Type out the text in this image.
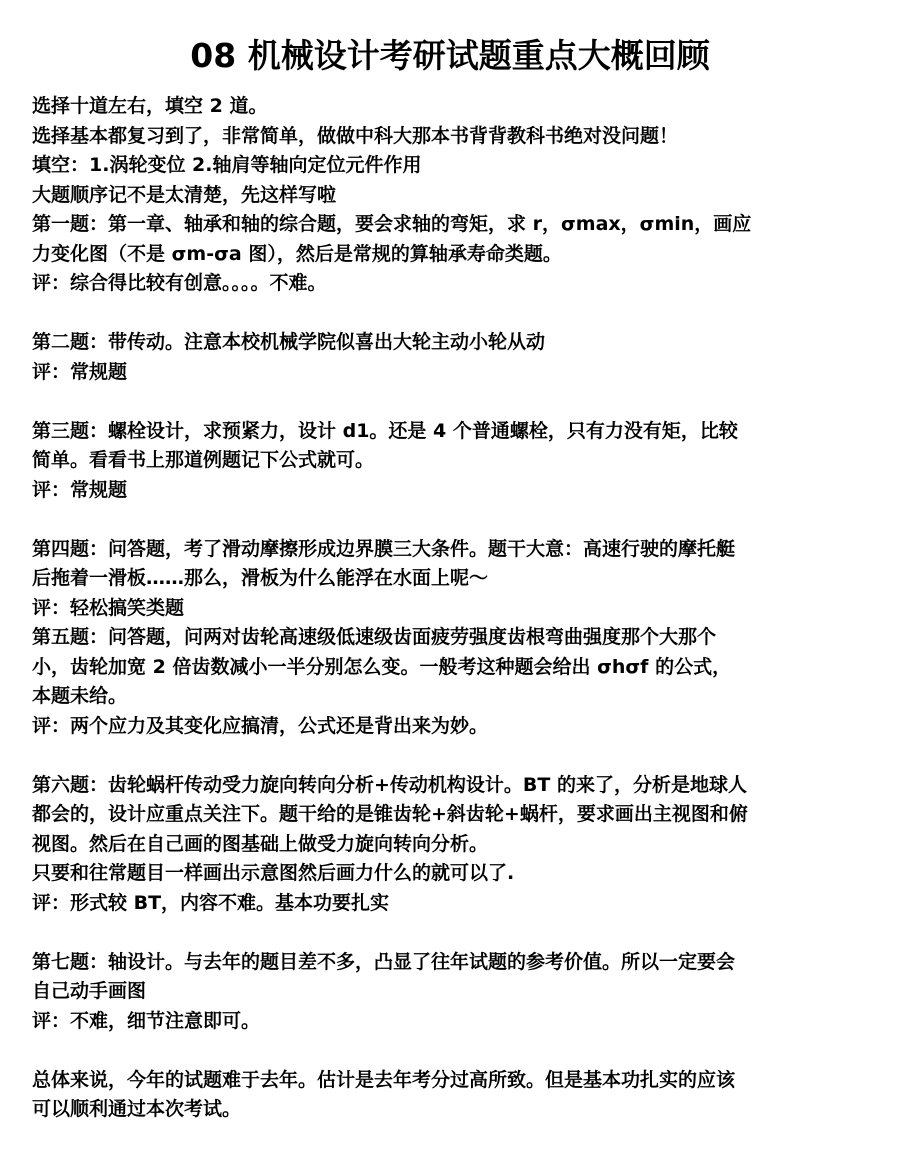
08 机械设计考研试题重点大概回顾
选择十道左右，填空 2 道。
选择基本都复习到了，非常简单，做做中科大那本书背背教科书绝对没问题！
填空：1.涡轮变位 2.轴肩等轴向定位元件作用
大题顺序记不是太清楚，先这样写啦
第一题：第一章、轴承和轴的综合题，要会求轴的弯矩，求 r，σmax，σmin，画应
力变化图（不是 σm-σa 图），然后是常规的算轴承寿命类题。
评：综合得比较有创意。。。。不难。
第二题：带传动。注意本校机械学院似喜出大轮主动小轮从动
评：常规题
第三题：螺栓设计，求预紧力，设计 d1。还是 4 个普通螺栓，只有力没有矩，比较
简单。看看书上那道例题记下公式就可。
评：常规题
第四题：问答题，考了滑动摩擦形成边界膜三大条件。题干大意：高速行驶的摩托艇
后拖着一滑板……那么，滑板为什么能浮在水面上呢～
评：轻松搞笑类题
第五题：问答题，问两对齿轮高速级低速级齿面疲劳强度齿根弯曲强度那个大那个
小，齿轮加宽 2 倍齿数减小一半分别怎么变。一般考这种题会给出 σhσf 的公式，
本题未给。
评：两个应力及其变化应搞清，公式还是背出来为妙。
第六题：齿轮蜗杆传动受力旋向转向分析+传动机构设计。BT 的来了，分析是地球人
都会的，设计应重点关注下。题干给的是锥齿轮+斜齿轮+蜗杆，要求画出主视图和俯
视图。然后在自己画的图基础上做受力旋向转向分析。
只要和往常题目一样画出示意图然后画力什么的就可以了.
评：形式较 BT，内容不难。基本功要扎实
第七题：轴设计。与去年的题目差不多，凸显了往年试题的参考价值。所以一定要会
自己动手画图
评：不难，细节注意即可。
总体来说，今年的试题难于去年。估计是去年考分过高所致。但是基本功扎实的应该
可以顺利通过本次考试。
